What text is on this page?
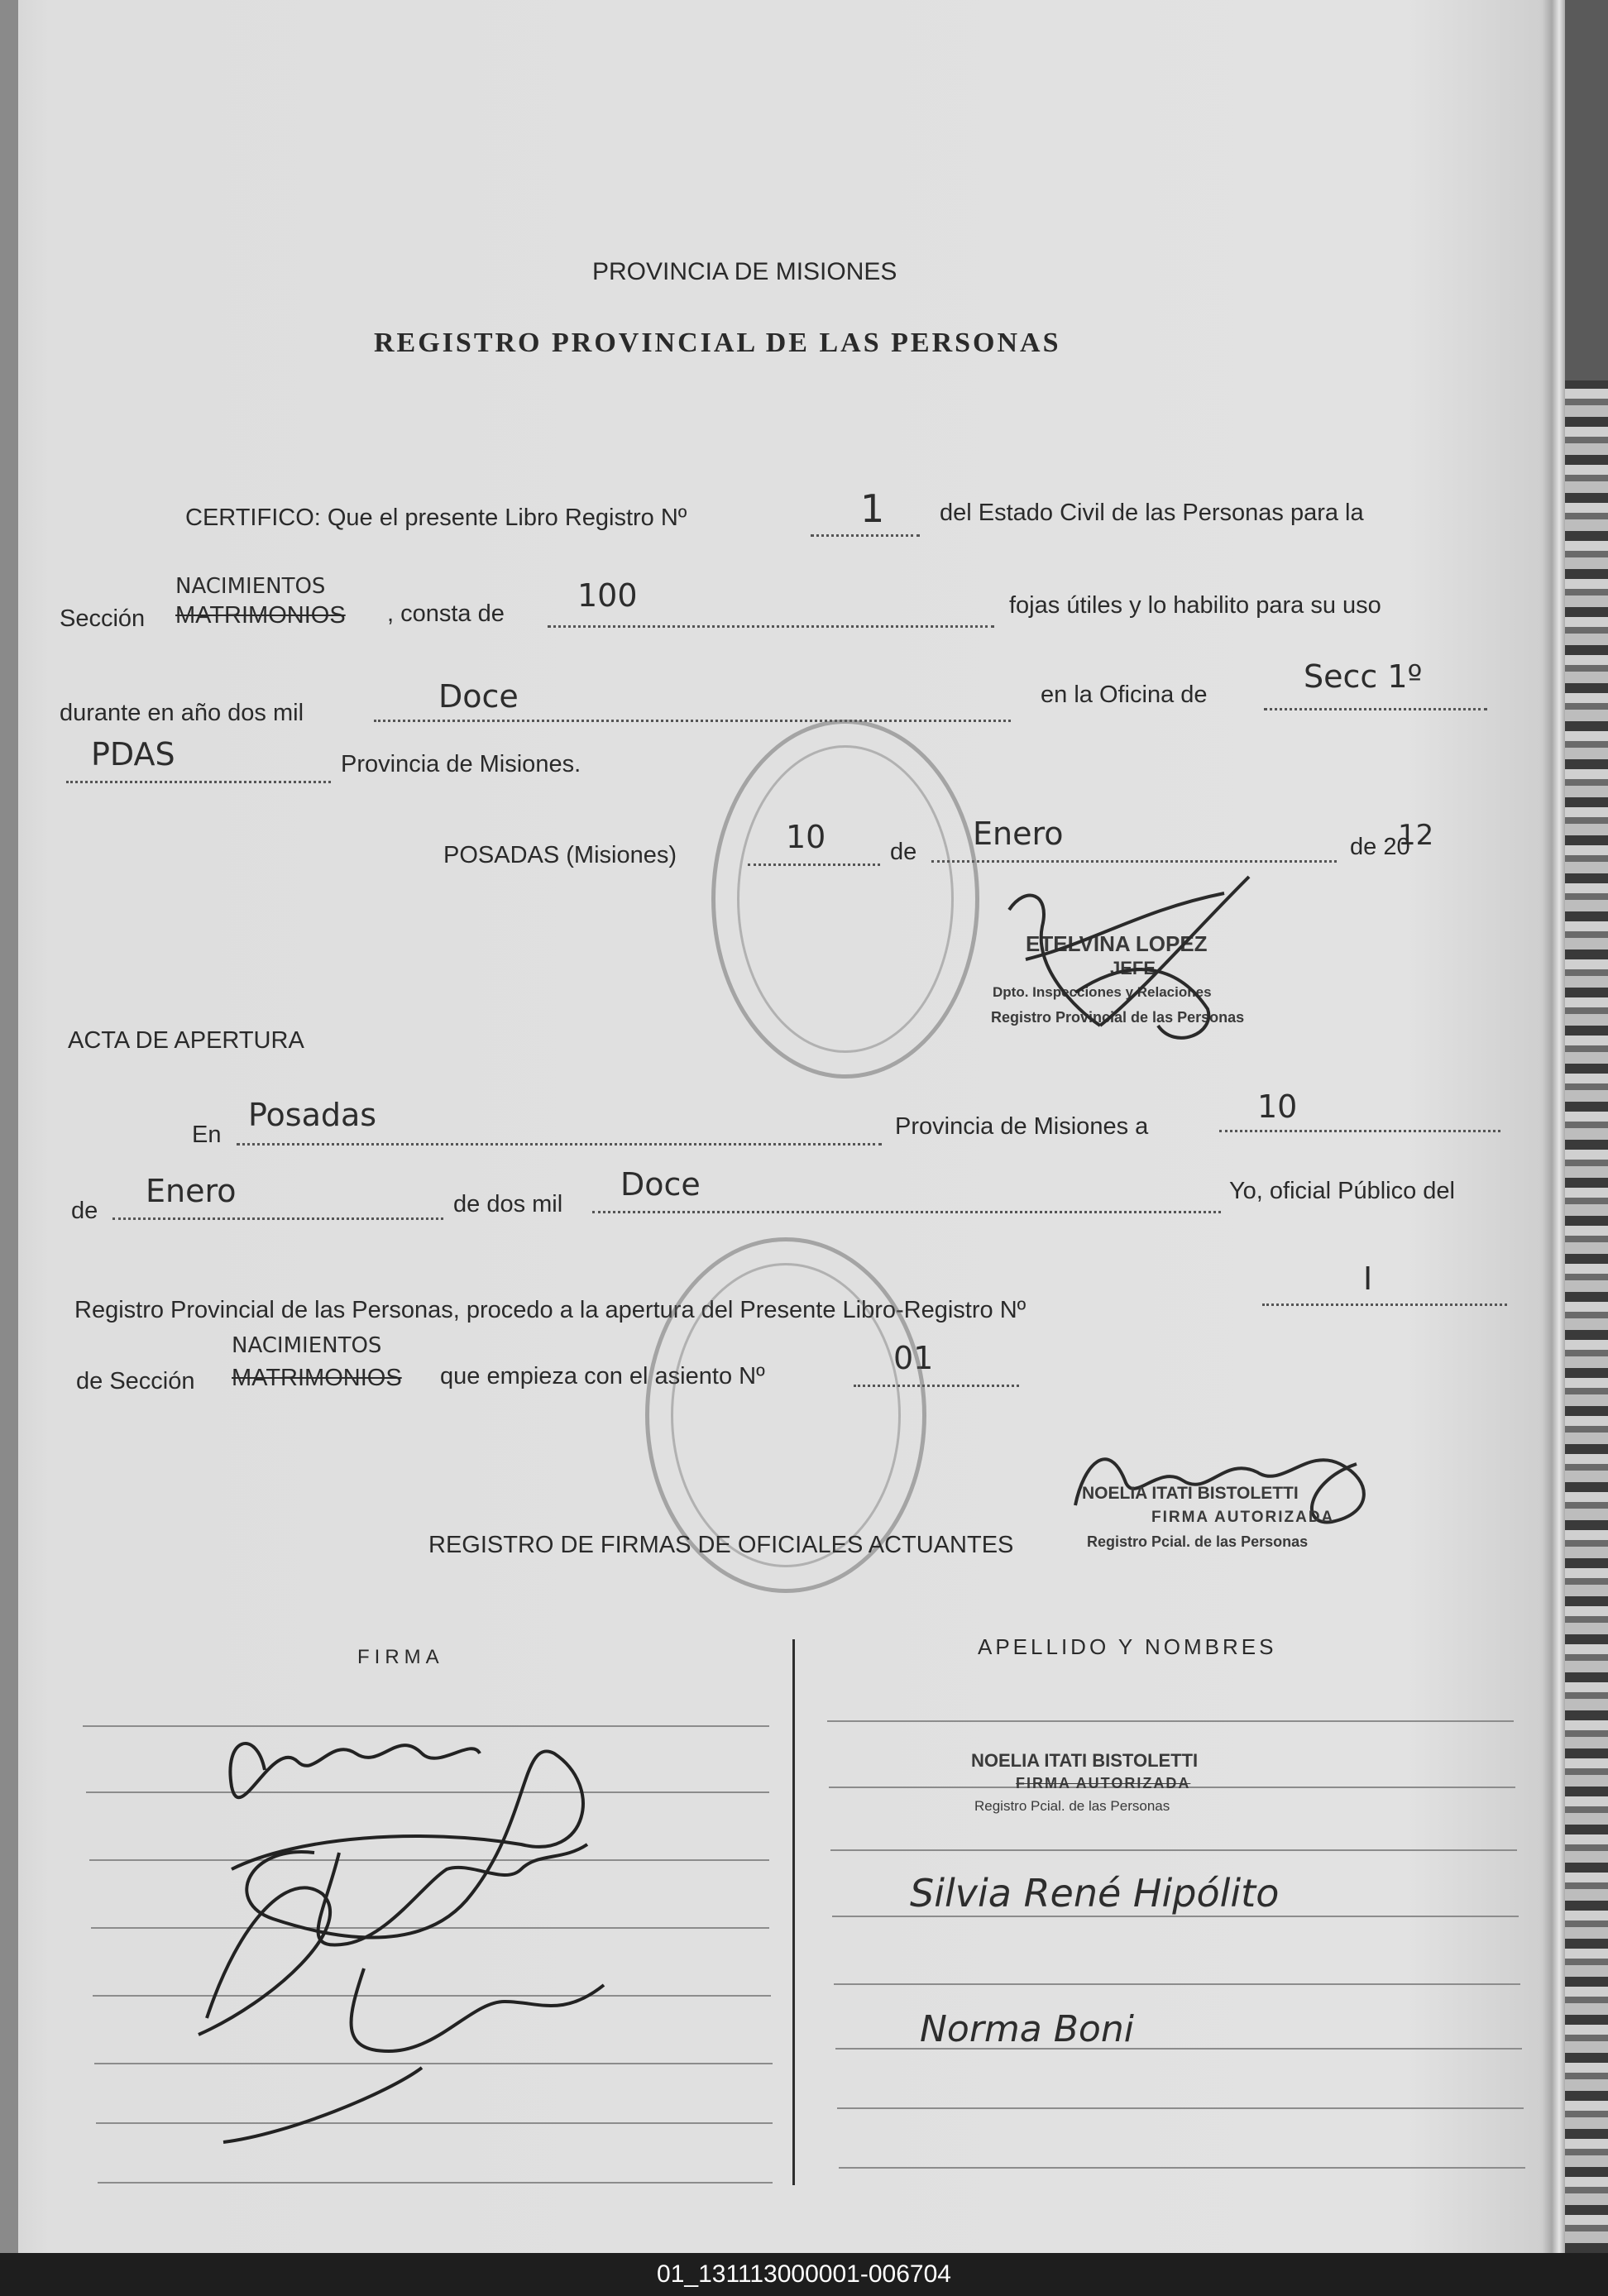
PROVINCIA DE MISIONES
REGISTRO PROVINCIAL DE LAS PERSONAS
CERTIFICO: Que el presente Libro Registro Nº	1 del Estado Civil de las Personas para la
NACIMIENTOS
Sección MATRIMONIOS , consta de 100	fojas útiles y lo habilito para su uso
durante en año dos mil	Doce	en la Oficina de	Secc 1º
PDAS	Provincia de Misiones.
POSADAS (Misiones)	10	de Enero	de 20
12
ETELVINA LOPEZ
JEFE
Dpto. Inspecciones y Relaciones
Registro Provincial de las Personas
ACTA DE APERTURA
En
Posadas	Provincia de Misiones a
10
de
Enero	de dos mil
Doce	Yo, oficial Público del
Registro Provincial de las Personas, procedo a la apertura del Presente Libro-Registro Nº
I
NACIMIENTOS
de Sección MATRIMONIOS que empieza con el asiento Nº	01
NOELIA ITATI BISTOLETTI
FIRMA AUTORIZADA
Registro Pcial. de las Personas
REGISTRO DE FIRMAS DE OFICIALES ACTUANTES
FIRMA	APELLIDO Y NOMBRES
NOELIA ITATI BISTOLETTI
FIRMA AUTORIZADA
Registro Pcial. de las Personas
Silvia René Hipólito
Norma Boni
01_131113000001-006704
